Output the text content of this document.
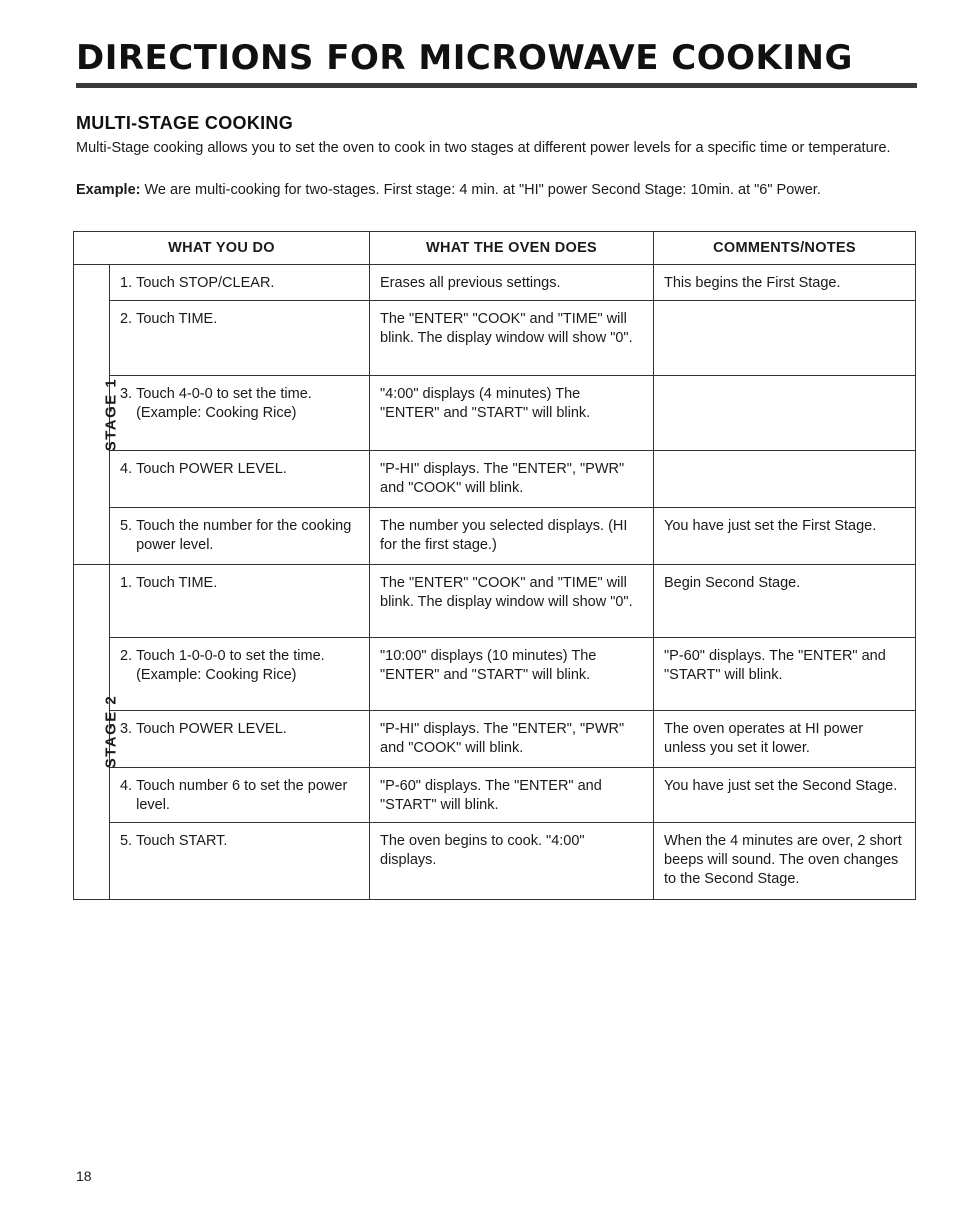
DIRECTIONS FOR MICROWAVE COOKING
MULTI-STAGE COOKING

Multi-Stage cooking allows you to set the oven to cook in two stages at different power levels for a specific time or temperature.

Example: We are multi-cooking for two-stages. First stage: 4 min. at "HI" power Second Stage: 10min. at "6" Power.

WHAT YOU DO		WHAT THE OVEN DOES	COMMENTS/NOTES
STAGE 1	1. Touch STOP/CLEAR.	Erases all previous settings.	This begins the First Stage.

	2. Touch TIME.	The "ENTER" "COOK" and "TIME" will blink. The display window will show "0".	

	3. Touch 4-0-0 to set the time. (Example: Cooking Rice)	"4:00" displays (4 minutes) The "ENTER" and "START" will blink.	

	4. Touch POWER LEVEL.	"P-HI" displays. The "ENTER", "PWR" and "COOK" will blink.	

	5. Touch the number for the cooking power level.	The number you selected displays. (HI for the first stage.)	You have just set the First Stage.
STAGE 2	1. Touch TIME.	The "ENTER" "COOK" and "TIME" will blink. The display window will show "0".	Begin Second Stage.

	2. Touch 1-0-0-0 to set the time. (Example: Cooking Rice)	"10:00" displays (10 minutes) The "ENTER" and "START" will blink.	"P-60" displays. The "ENTER" and "START" will blink.

	3. Touch POWER LEVEL.	"P-HI" displays. The "ENTER", "PWR" and "COOK" will blink.	The oven operates at HI power unless you set it lower.

	4. Touch number 6 to set the power level.	"P-60" displays. The "ENTER" and "START" will blink.	You have just set the Second Stage.

	5. Touch START.	The oven begins to cook. "4:00" displays.	When the 4 minutes are over, 2 short beeps will sound. The oven changes to the Second Stage.
18
